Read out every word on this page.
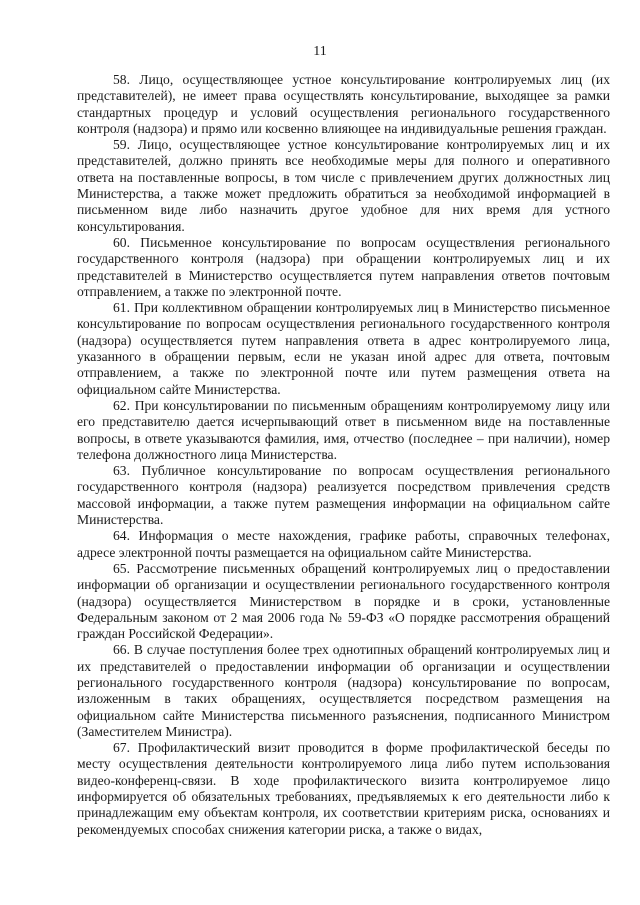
11

58. Лицо, осуществляющее устное консультирование контролируемых лиц (их представителей), не имеет права осуществлять консультирование, выходящее за рамки стандартных процедур и условий осуществления регионального государственного контроля (надзора) и прямо или косвенно влияющее на индивидуальные решения граждан.

59. Лицо, осуществляющее устное консультирование контролируемых лиц и их представителей, должно принять все необходимые меры для полного и оперативного ответа на поставленные вопросы, в том числе с привлечением других должностных лиц Министерства, а также может предложить обратиться за необходимой информацией в письменном виде либо назначить другое удобное для них время для устного консультирования.

60. Письменное консультирование по вопросам осуществления регионального государственного контроля (надзора) при обращении контролируемых лиц и их представителей в Министерство осуществляется путем направления ответов почтовым отправлением, а также по электронной почте.

61. При коллективном обращении контролируемых лиц в Министерство письменное консультирование по вопросам осуществления регионального государственного контроля (надзора) осуществляется путем направления ответа в адрес контролируемого лица, указанного в обращении первым, если не указан иной адрес для ответа, почтовым отправлением, а также по электронной почте или путем размещения ответа на официальном сайте Министерства.

62. При консультировании по письменным обращениям контролируемому лицу или его представителю дается исчерпывающий ответ в письменном виде на поставленные вопросы, в ответе указываются фамилия, имя, отчество (последнее – при наличии), номер телефона должностного лица Министерства.

63. Публичное консультирование по вопросам осуществления регионального государственного контроля (надзора) реализуется посредством привлечения средств массовой информации, а также путем размещения информации на официальном сайте Министерства.

64. Информация о месте нахождения, графике работы, справочных телефонах, адресе электронной почты размещается на официальном сайте Министерства.

65. Рассмотрение письменных обращений контролируемых лиц о предоставлении информации об организации и осуществлении регионального государственного контроля (надзора) осуществляется Министерством в порядке и в сроки, установленные Федеральным законом от 2 мая 2006 года № 59-ФЗ «О порядке рассмотрения обращений граждан Российской Федерации».

66. В случае поступления более трех однотипных обращений контролируемых лиц и их представителей о предоставлении информации об организации и осуществлении регионального государственного контроля (надзора) консультирование по вопросам, изложенным в таких обращениях, осуществляется посредством размещения на официальном сайте Министерства письменного разъяснения, подписанного Министром (Заместителем Министра).

67. Профилактический визит проводится в форме профилактической беседы по месту осуществления деятельности контролируемого лица либо путем использования видео-конференц-связи. В ходе профилактического визита контролируемое лицо информируется об обязательных требованиях, предъявляемых к его деятельности либо к принадлежащим ему объектам контроля, их соответствии критериям риска, основаниях и рекомендуемых способах снижения категории риска, а также о видах,
